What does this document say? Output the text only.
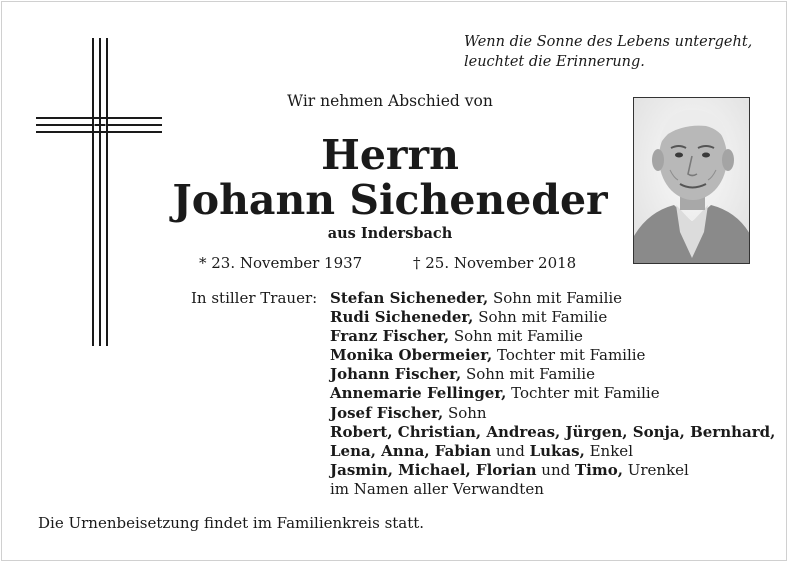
Wenn die Sonne des Lebens untergeht,
leuchtet die Erinnerung.
Wir nehmen Abschied von
Herrn
Johann Sicheneder
aus Indersbach
* 23. November 1937	† 25. November 2018
In stiller Trauer: Stefan Sicheneder, Sohn mit Familie
Rudi Sicheneder, Sohn mit Familie
Franz Fischer, Sohn mit Familie
Monika Obermeier, Tochter mit Familie
Johann Fischer, Sohn mit Familie
Annemarie Fellinger, Tochter mit Familie
Josef Fischer, Sohn
Robert, Christian, Andreas, Jürgen, Sonja, Bernhard,
Lena, Anna, Fabian und Lukas, Enkel
Jasmin, Michael, Florian und Timo, Urenkel
im Namen aller Verwandten
Die Urnenbeisetzung findet im Familienkreis statt.
